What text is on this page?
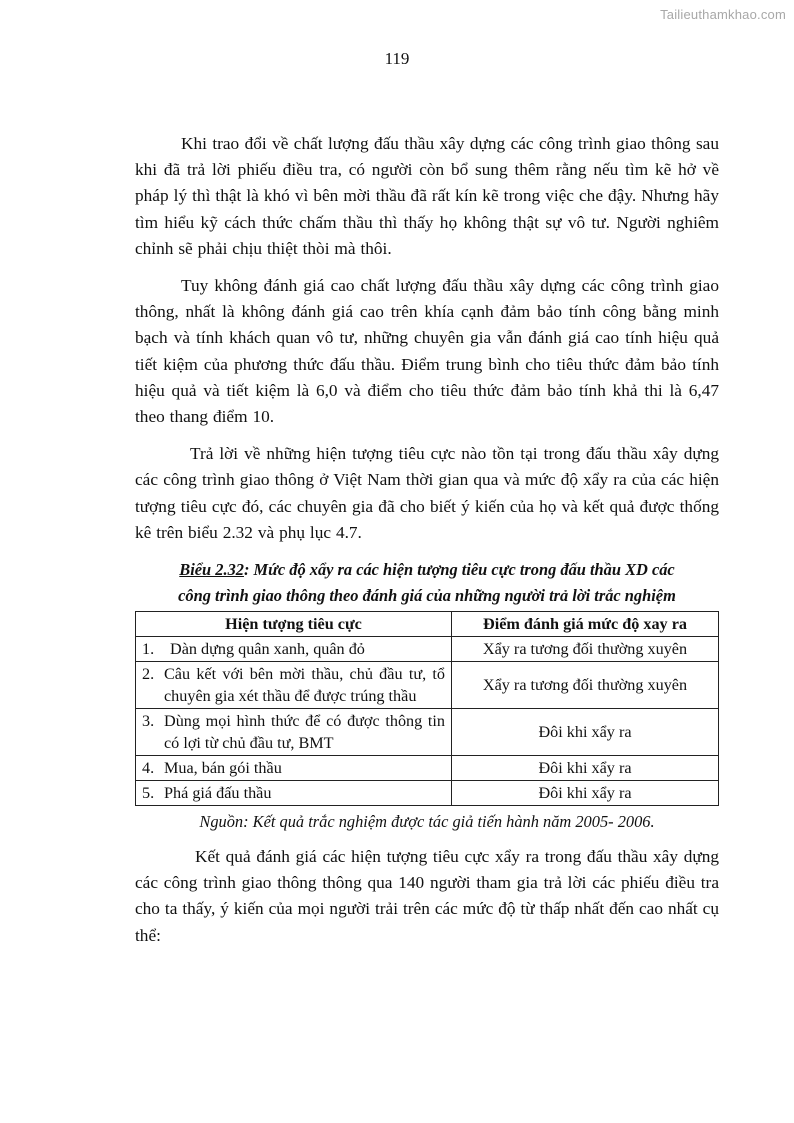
Tailieuthamkhao.com
119

Khi trao đổi về chất lượng đấu thầu xây dựng các công trình giao thông sau khi đã trả lời phiếu điều tra, có người còn bổ sung thêm rằng nếu tìm kẽ hở về pháp lý thì thật là khó vì bên mời thầu đã rất kín kẽ trong việc che đậy. Nhưng hãy tìm hiểu kỹ cách thức chấm thầu thì thấy họ không thật sự vô tư. Người nghiêm chỉnh sẽ phải chịu thiệt thòi mà thôi.

Tuy không đánh giá cao chất lượng đấu thầu xây dựng các công trình giao thông, nhất là không đánh giá cao trên khía cạnh đảm bảo tính công bằng minh bạch và tính khách quan vô tư, những chuyên gia vẫn đánh giá cao tính hiệu quả tiết kiệm của phương thức đấu thầu. Điểm trung bình cho tiêu thức đảm bảo tính hiệu quả và tiết kiệm là 6,0 và điểm cho tiêu thức đảm bảo tính khả thi là 6,47 theo thang điểm 10.

Trả lời về những hiện tượng tiêu cực nào tồn tại trong đấu thầu xây dựng các công trình giao thông ở Việt Nam thời gian qua và mức độ xẩy ra của các hiện tượng tiêu cực đó, các chuyên gia đã cho biết ý kiến của họ và kết quả được thống kê trên biểu 2.32 và phụ lục 4.7.

Biểu 2.32: Mức độ xẩy ra các hiện tượng tiêu cực trong đấu thầu XD các
công trình giao thông theo đánh giá của những người trả lời trắc nghiệm
Hiện tượng tiêu cực	Điểm đánh giá mức độ xay ra

1. Dàn dựng quân xanh, quân đỏ	Xẩy ra tương đối thường xuyên

2. Câu kết với bên mời thầu, chủ đầu tư, tổ chuyên gia xét thầu để được trúng thầu	Xẩy ra tương đối thường xuyên

3. Dùng mọi hình thức để có được thông tin có lợi từ chủ đầu tư, BMT	Đôi khi xẩy ra

4. Mua, bán gói thầu	Đôi khi xẩy ra

5. Phá giá đấu thầu	Đôi khi xẩy ra
Nguồn: Kết quả trắc nghiệm được tác giả tiến hành năm 2005- 2006.

Kết quả đánh giá các hiện tượng tiêu cực xẩy ra trong đấu thầu xây dựng các công trình giao thông thông qua 140 người tham gia trả lời các phiếu điều tra cho ta thấy, ý kiến của mọi người trải trên các mức độ từ thấp nhất đến cao nhất cụ thể:
